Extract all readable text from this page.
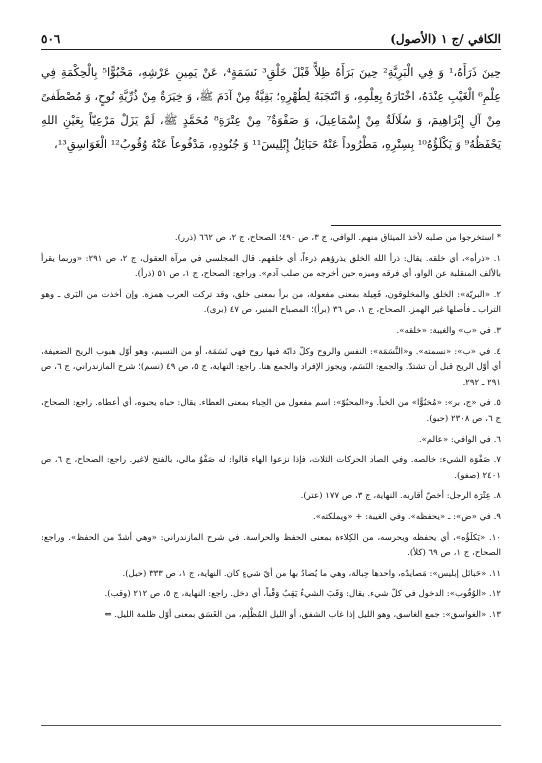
الكافي /ج ١ (الأصول)
٥٠٦

حِينَ ذَرَأَهُ،¹ وَ فِي الْبَرِيَّةِ² حِينَ بَرَأَهُ ظِلاًّ قَبْلَ خَلْقِ³ نَسَمَةٍ⁴، عَنْ يَمِينِ عَرْشِهِ، مَحْبُوًّا⁵ بِالْحِكْمَةِ فِي عِلْمِ⁶ الْغَيْبِ عِنْدَهُ، اخْتَارَهُ بِعِلْمِهِ، وَ انْتَجَبَهُ لِطُهْرِهِ؛ بَقِيَّةٌ مِنْ آدَمَ ﷺ، وَ خِيَرَةٌ مِنْ ذُرِّيَّةِ نُوحٍ، وَ مُصْطَفىً مِنْ آلِ إِبْرَاهِيمَ، وَ سُلَالَةٌ مِنْ إِسْمَاعِيلَ، وَ صَفْوَةٌ⁷ مِنْ عِتْرَةِ⁸ مُحَمَّدٍ ﷺ، لَمْ يَزَلْ مَرْعِيّاً بِعَيْنِ اللهِ يَحْفَظُهُ⁹ وَ يَكْلَؤُهُ¹⁰ بِسِتْرِهِ، مَطْرُوداً عَنْهُ حَبَائِلُ إِبْلِيسَ¹¹ وَ جُنُودِهِ، مَدْفُوعاً عَنْهُ وُقُوبُ¹² الْغَوَاسِقِ¹³،

* استخرجوا من صلبه لأخذ الميثاق منهم. الوافي، ج ٣، ص ٤٩٠؛ الصحاح، ج ٢، ص ٦٦٢ (ذرر).

١. «ذرأه»، أي خلقه. يقال: ذرأ الله الخلق يذرؤهم ذرءاً، أي خلقهم. قال المجلسي في مرآة العقول، ج ٢، ص ٢٩١: «وربما يقرأ بالألف المنقلبة عن الواو، أي فرقه وميزه حين أخرجه من صلب آدم». وراجع: الصحاح، ج ١، ص ٥١ (ذرأ).

٢. «البريّة»: الخلق والمخلوقون، فَعِيلة بمعنى مفعولة، من برأ بمعنى خلق، وقد تركت العرب همزة. وإن أخذت من البَرى ـ وهو التراب ـ فأصلها غير الهمز. الصحاح، ج ١، ص ٣٦ (برأ)؛ المصباح المنير، ص ٤٧ (برى).

٣. في «ب» والغيبة: «خلقه».

٤. في «ب»: «نسمته». و«النَّسَمَة»: النفس والروح وكلّ دابّة فيها روح فهي نَسَمَة، أو من النسيم، وهو أوّل هبوب الريح الضعيفة، أي أوّل الريح قبل أن تشتدّ. والجمع: النَسَم، ويجوز الإفراد والجمع هنا. راجع: النهاية، ج ٥، ص ٤٩ (نسم)؛ شرح المازندراني، ج ٦، ص ٢٩١ ـ ٢٩٢.

٥. في «ج، بر»: «مُخبُوًّا» من الخبأ. و«المحبُوّ»: اسم مفعول من الحِباء بمعنى العطاء. يقال: حباه يحبوه، أي أعطاه. راجع: الصحاح، ج ٦، ص ٢٣٠٨ (حبو).

٦. في الوافي: «عالم».

٧. صَفْوَة الشيء: خالصه. وفي الصاد الحركات الثلاث، فإذا نزعوا الهاء قالوا: له صَفْوُ مالي، بالفتح لاغير. راجع: الصحاح، ج ٦، ص ٢٤٠١ (صفو).

٨. عِتْرَة الرجل: أخصّ أقاربه. النهاية، ج ٣، ص ١٧٧ (عتر).

٩. في «ض»: ـ «يحفظه». وفي الغيبة: + «ويملكته».

١٠. «يَكلَؤُه»، أي يحفظه ويحرسه، من الكِلاءة بمعنى الحفظ والحراسة. في شرح المازندراني: «وهي أشدّ من الحفظ». وراجع: الصحاح، ج ١، ص ٦٩ (كلأ).

١١. «حَبائل إبليس»: مَصايدُه، واحدها حِبالة، وهي ما يُصادُ بها من أيّ شيءٍ كان. النهاية، ج ١، ص ٣٣٣ (حبل).

١٢. «الوُقُوب»: الدخول في كلّ شيء. يقال: وَقَبَ الشيءُ يَقِبُ وَقْباً، أي دخل. راجع: النهاية، ج ٥، ص ٢١٢ (وقب).

١٣. «الغواسق»: جمع الغاسق، وهو الليل إذا غاب الشفق، أو الليل المُظْلِم، من الغَسَق بمعنى أوّل ظلمة الليل. ⇐
